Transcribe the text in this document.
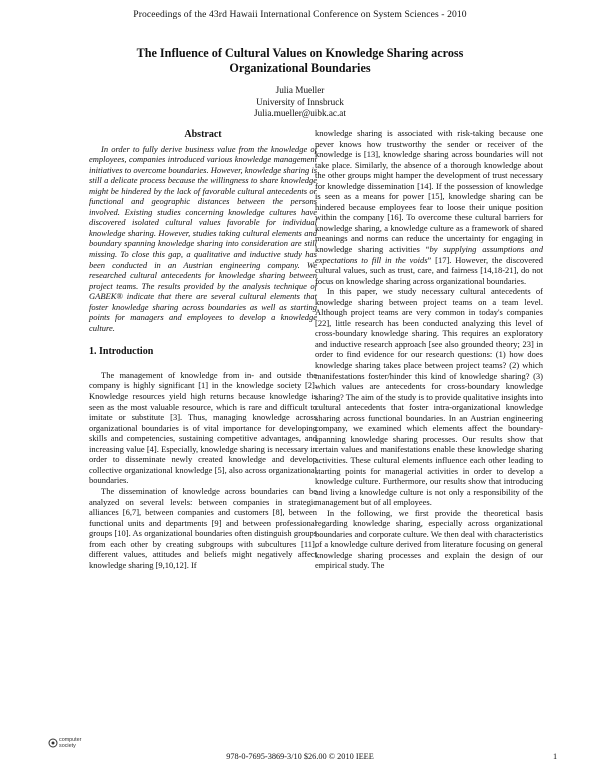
Proceedings of the 43rd Hawaii International Conference on System Sciences - 2010
The Influence of Cultural Values on Knowledge Sharing across
Organizational Boundaries
Julia Mueller
University of Innsbruck
Julia.mueller@uibk.ac.at
Abstract

In order to fully derive business value from the knowledge of employees, companies introduced various knowledge management initiatives to overcome boundaries. However, knowledge sharing is still a delicate process because the willingness to share knowledge might be hindered by the lack of favorable cultural antecedents or functional and geographic distances between the persons involved. Existing studies concerning knowledge cultures have discovered isolated cultural values favorable for individual knowledge sharing. However, studies taking cultural elements and boundary spanning knowledge sharing into consideration are still missing. To close this gap, a qualitative and inductive study has been conducted in an Austrian engineering company. We researched cultural antecedents for knowledge sharing between project teams. The results provided by the analysis technique of GABEK® indicate that there are several cultural elements that foster knowledge sharing across boundaries as well as starting points for managers and employees to develop a knowledge culture.

1. Introduction

The management of knowledge from in- and outside the company is highly significant [1] in the knowledge society [2]. Knowledge resources yield high returns because knowledge is seen as the most valuable resource, which is rare and difficult to imitate or substitute [3]. Thus, managing knowledge across organizational boundaries is of vital importance for developing skills and competencies, sustaining competitive advantages, and increasing value [4]. Especially, knowledge sharing is necessary in order to disseminate newly created knowledge and develop collective organizational knowledge [5], also across organizational boundaries.

The dissemination of knowledge across boundaries can be analyzed on several levels: between companies in strategic alliances [6,7], between companies and customers [8], between functional units and departments [9] and between professional groups [10]. As organizational boundaries often distinguish groups from each other by creating subgroups with subcultures [11], different values, attitudes and beliefs might negatively affect knowledge sharing [9,10,12]. If

knowledge sharing is associated with risk-taking because one never knows how trustworthy the sender or receiver of the knowledge is [13], knowledge sharing across boundaries will not take place. Similarly, the absence of a thorough knowledge about the other groups might hamper the development of trust necessary for knowledge dissemination [14]. If the possession of knowledge is seen as a means for power [15], knowledge sharing can be hindered because employees fear to loose their unique position within the company [16]. To overcome these cultural barriers for knowledge sharing, a knowledge culture as a framework of shared meanings and norms can reduce the uncertainty for engaging in knowledge sharing activities “by supplying assumptions and expectations to fill in the voids” [17]. However, the discovered cultural values, such as trust, care, and fairness [14,18-21], do not focus on knowledge sharing across organizational boundaries.

In this paper, we study necessary cultural antecedents of knowledge sharing between project teams on a team level. Although project teams are very common in today's companies [22], little research has been conducted analyzing this level of cross-boundary knowledge sharing. This requires an exploratory and inductive research approach [see also grounded theory; 23] in order to find evidence for our research questions: (1) how does knowledge sharing takes place between project teams? (2) which manifestations foster/hinder this kind of knowledge sharing? (3) which values are antecedents for cross-boundary knowledge sharing? The aim of the study is to provide qualitative insights into cultural antecedents that foster intra-organizational knowledge sharing across functional boundaries. In an Austrian engineering company, we examined which elements affect the boundary-spanning knowledge sharing processes. Our results show that certain values and manifestations enable these knowledge sharing activities. These cultural elements influence each other leading to starting points for managerial activities in order to develop a knowledge culture. Furthermore, our results show that introducing and living a knowledge culture is not only a responsibility of the management but of all employees.

In the following, we first provide the theoretical basis regarding knowledge sharing, especially across organizational boundaries and corporate culture. We then deal with characteristics of a knowledge culture derived from literature focusing on general knowledge sharing processes and explain the design of our empirical study. The

computer
society
978-0-7695-3869-3/10 $26.00 © 2010 IEEE	1
